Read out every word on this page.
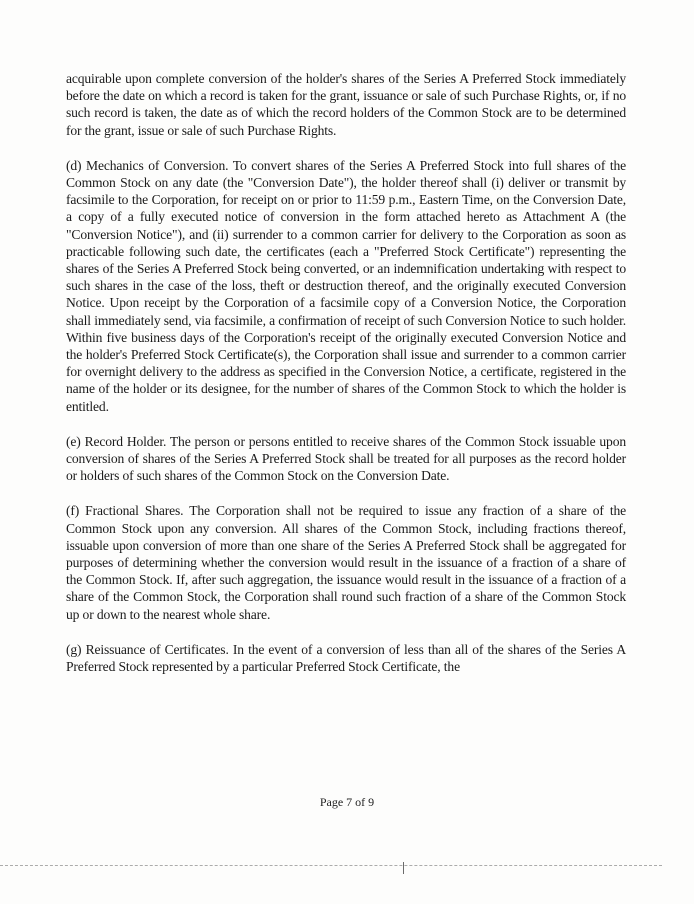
acquirable upon complete conversion of the holder's shares of the Series A Preferred Stock immediately before the date on which a record is taken for the grant, issuance or sale of such Purchase Rights, or, if no such record is taken, the date as of which the record holders of the Common Stock are to be determined for the grant, issue or sale of such Purchase Rights.

(d) Mechanics of Conversion. To convert shares of the Series A Preferred Stock into full shares of the Common Stock on any date (the "Conversion Date"), the holder thereof shall (i) deliver or transmit by facsimile to the Corporation, for receipt on or prior to 11:59 p.m., Eastern Time, on the Conversion Date, a copy of a fully executed notice of conversion in the form attached hereto as Attachment A (the "Conversion Notice"), and (ii) surrender to a common carrier for delivery to the Corporation as soon as practicable following such date, the certificates (each a "Preferred Stock Certificate") representing the shares of the Series A Preferred Stock being converted, or an indemnification undertaking with respect to such shares in the case of the loss, theft or destruction thereof, and the originally executed Conversion Notice. Upon receipt by the Corporation of a facsimile copy of a Conversion Notice, the Corporation shall immediately send, via facsimile, a confirmation of receipt of such Conversion Notice to such holder. Within five business days of the Corporation's receipt of the originally executed Conversion Notice and the holder's Preferred Stock Certificate(s), the Corporation shall issue and surrender to a common carrier for overnight delivery to the address as specified in the Conversion Notice, a certificate, registered in the name of the holder or its designee, for the number of shares of the Common Stock to which the holder is entitled.

(e) Record Holder. The person or persons entitled to receive shares of the Common Stock issuable upon conversion of shares of the Series A Preferred Stock shall be treated for all purposes as the record holder or holders of such shares of the Common Stock on the Conversion Date.

(f) Fractional Shares. The Corporation shall not be required to issue any fraction of a share of the Common Stock upon any conversion. All shares of the Common Stock, including fractions thereof, issuable upon conversion of more than one share of the Series A Preferred Stock shall be aggregated for purposes of determining whether the conversion would result in the issuance of a fraction of a share of the Common Stock. If, after such aggregation, the issuance would result in the issuance of a fraction of a share of the Common Stock, the Corporation shall round such fraction of a share of the Common Stock up or down to the nearest whole share.

(g) Reissuance of Certificates. In the event of a conversion of less than all of the shares of the Series A Preferred Stock represented by a particular Preferred Stock Certificate, the

Page 7 of 9
